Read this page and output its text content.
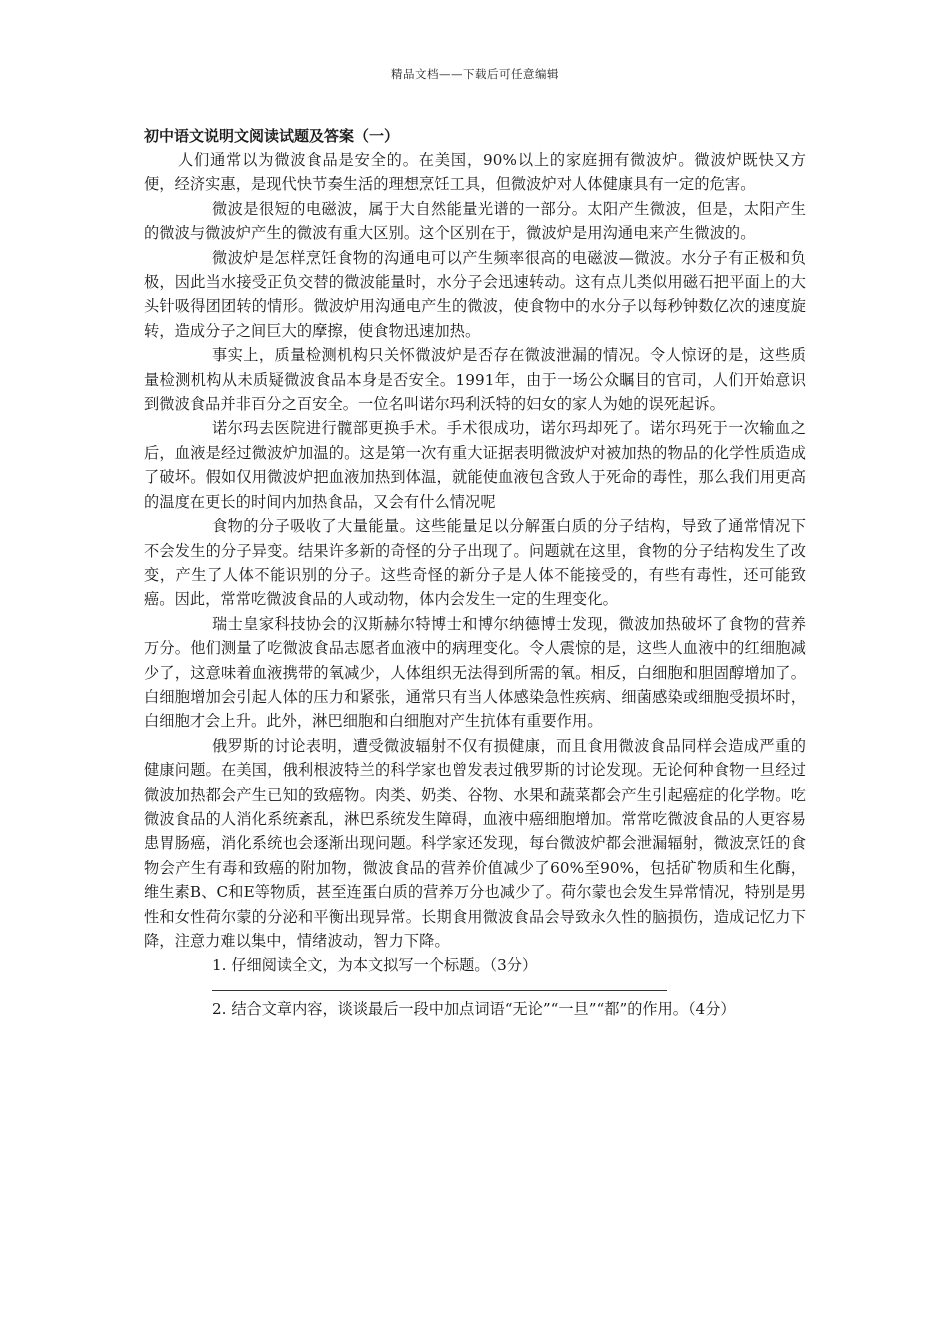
精品文档——下载后可任意编辑
初中语文说明文阅读试题及答案（一）

人们通常以为微波食品是安全的。在美国，90%以上的家庭拥有微波炉。微波炉既快又方便，经济实惠，是现代快节奏生活的理想烹饪工具，但微波炉对人体健康具有一定的危害。

微波是很短的电磁波，属于大自然能量光谱的一部分。太阳产生微波，但是，太阳产生的微波与微波炉产生的微波有重大区别。这个区别在于，微波炉是用沟通电来产生微波的。

微波炉是怎样烹饪食物的沟通电可以产生频率很高的电磁波—微波。水分子有正极和负极，因此当水接受正负交替的微波能量时，水分子会迅速转动。这有点儿类似用磁石把平面上的大头针吸得团团转的情形。微波炉用沟通电产生的微波，使食物中的水分子以每秒钟数亿次的速度旋转，造成分子之间巨大的摩擦，使食物迅速加热。

事实上，质量检测机构只关怀微波炉是否存在微波泄漏的情况。令人惊讶的是，这些质量检测机构从未质疑微波食品本身是否安全。1991年，由于一场公众瞩目的官司，人们开始意识到微波食品并非百分之百安全。一位名叫诺尔玛利沃特的妇女的家人为她的误死起诉。

诺尔玛去医院进行髋部更换手术。手术很成功，诺尔玛却死了。诺尔玛死于一次输血之后，血液是经过微波炉加温的。这是第一次有重大证据表明微波炉对被加热的物品的化学性质造成了破坏。假如仅用微波炉把血液加热到体温，就能使血液包含致人于死命的毒性，那么我们用更高的温度在更长的时间内加热食品，又会有什么情况呢

食物的分子吸收了大量能量。这些能量足以分解蛋白质的分子结构，导致了通常情况下不会发生的分子异变。结果许多新的奇怪的分子出现了。问题就在这里，食物的分子结构发生了改变，产生了人体不能识别的分子。这些奇怪的新分子是人体不能接受的，有些有毒性，还可能致癌。因此，常常吃微波食品的人或动物，体内会发生一定的生理变化。

瑞士皇家科技协会的汉斯赫尔特博士和博尔纳德博士发现，微波加热破坏了食物的营养万分。他们测量了吃微波食品志愿者血液中的病理变化。令人震惊的是，这些人血液中的红细胞减少了，这意味着血液携带的氧减少，人体组织无法得到所需的氧。相反，白细胞和胆固醇增加了。白细胞增加会引起人体的压力和紧张，通常只有当人体感染急性疾病、细菌感染或细胞受损坏时，白细胞才会上升。此外，淋巴细胞和白细胞对产生抗体有重要作用。

俄罗斯的讨论表明，遭受微波辐射不仅有损健康，而且食用微波食品同样会造成严重的健康问题。在美国，俄利根波特兰的科学家也曾发表过俄罗斯的讨论发现。无论何种食物一旦经过微波加热都会产生已知的致癌物。肉类、奶类、谷物、水果和蔬菜都会产生引起癌症的化学物。吃微波食品的人消化系统紊乱，淋巴系统发生障碍，血液中癌细胞增加。常常吃微波食品的人更容易患胃肠癌，消化系统也会逐渐出现问题。科学家还发现，每台微波炉都会泄漏辐射，微波烹饪的食物会产生有毒和致癌的附加物，微波食品的营养价值减少了60%至90%，包括矿物质和生化酶，维生素B、C和E等物质，甚至连蛋白质的营养万分也减少了。荷尔蒙也会发生异常情况，特别是男性和女性荷尔蒙的分泌和平衡出现异常。长期食用微波食品会导致永久性的脑损伤，造成记忆力下降，注意力难以集中，情绪波动，智力下降。

1. 仔细阅读全文，为本文拟写一个标题。（3分）

2. 结合文章内容，谈谈最后一段中加点词语“无论”“一旦”“都”的作用。（4分）
